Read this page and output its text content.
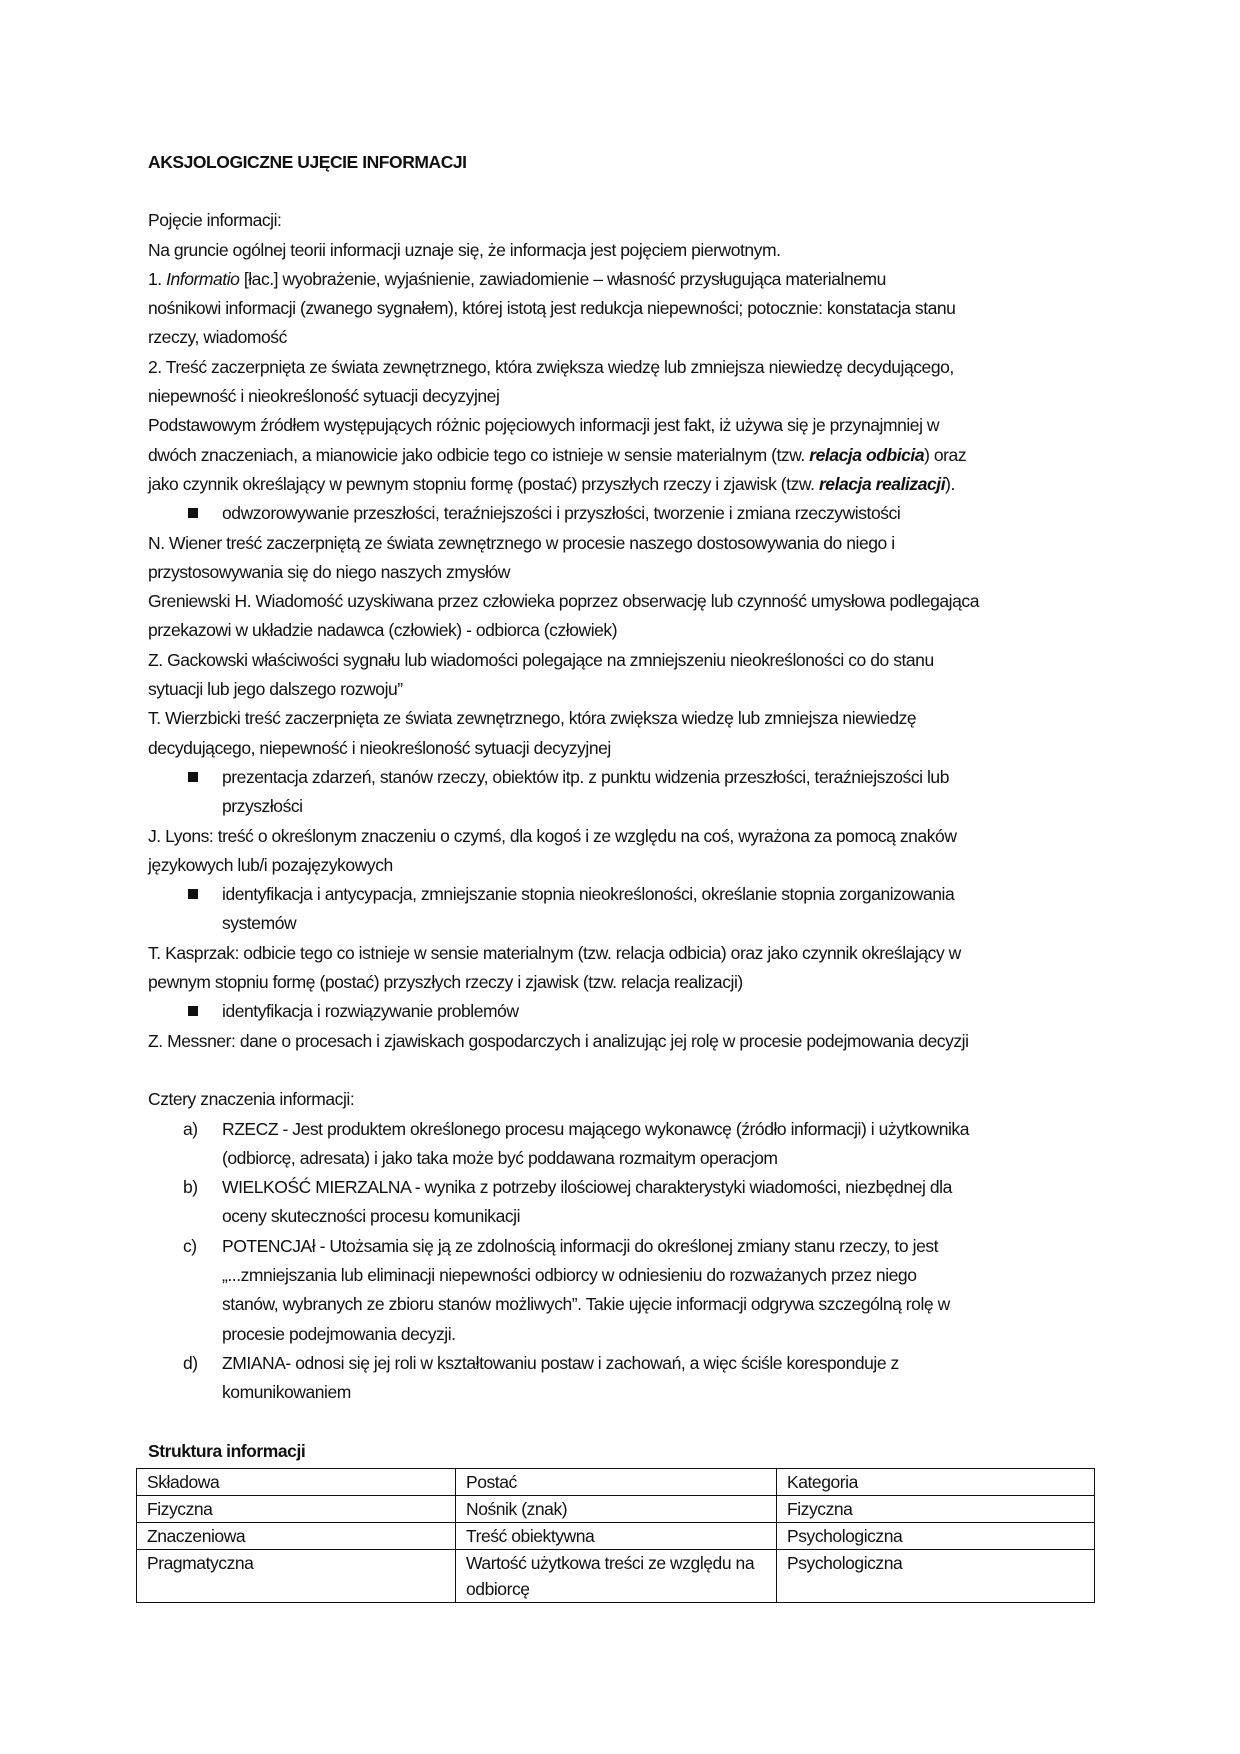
AKSJOLOGICZNE UJĘCIE INFORMACJI
Pojęcie informacji:
Na gruncie ogólnej teorii informacji uznaje się, że informacja jest pojęciem pierwotnym.
1. Informatio [łac.] wyobrażenie, wyjaśnienie, zawiadomienie – własność przysługująca materialnemu
nośnikowi informacji (zwanego sygnałem), której istotą jest redukcja niepewności; potocznie: konstatacja stanu
rzeczy, wiadomość
2. Treść zaczerpnięta ze świata zewnętrznego, która zwiększa wiedzę lub zmniejsza niewiedzę decydującego,
niepewność i nieokreśloność sytuacji decyzyjnej
Podstawowym źródłem występujących różnic pojęciowych informacji jest fakt, iż używa się je przynajmniej w
dwóch znaczeniach, a mianowicie jako odbicie tego co istnieje w sensie materialnym (tzw. relacja odbicia) oraz
jako czynnik określający w pewnym stopniu formę (postać) przyszłych rzeczy i zjawisk (tzw. relacja realizacji).
odwzorowywanie przeszłości, teraźniejszości i przyszłości, tworzenie i zmiana rzeczywistości
N. Wiener treść zaczerpniętą ze świata zewnętrznego w procesie naszego dostosowywania do niego i
przystosowywania się do niego naszych zmysłów
Greniewski H. Wiadomość uzyskiwana przez człowieka poprzez obserwację lub czynność umysłowa podlegająca
przekazowi w układzie nadawca (człowiek) - odbiorca (człowiek)
Z. Gackowski właściwości sygnału lub wiadomości polegające na zmniejszeniu nieokreśloności co do stanu
sytuacji lub jego dalszego rozwoju”
T. Wierzbicki treść zaczerpnięta ze świata zewnętrznego, która zwiększa wiedzę lub zmniejsza niewiedzę
decydującego, niepewność i nieokreśloność sytuacji decyzyjnej
prezentacja zdarzeń, stanów rzeczy, obiektów itp. z punktu widzenia przeszłości, teraźniejszości lub
przyszłości
J. Lyons: treść o określonym znaczeniu o czymś, dla kogoś i ze względu na coś, wyrażona za pomocą znaków
językowych lub/i pozajęzykowych
identyfikacja i antycypacja, zmniejszanie stopnia nieokreśloności, określanie stopnia zorganizowania
systemów
T. Kasprzak: odbicie tego co istnieje w sensie materialnym (tzw. relacja odbicia) oraz jako czynnik określający w
pewnym stopniu formę (postać) przyszłych rzeczy i zjawisk (tzw. relacja realizacji)
identyfikacja i rozwiązywanie problemów
Z. Messner: dane o procesach i zjawiskach gospodarczych i analizując jej rolę w procesie podejmowania decyzji
Cztery znaczenia informacji:
a) RZECZ - Jest produktem określonego procesu mającego wykonawcę (źródło informacji) i użytkownika
(odbiorcę, adresata) i jako taka może być poddawana rozmaitym operacjom
b) WIELKOŚĆ MIERZALNA - wynika z potrzeby ilościowej charakterystyki wiadomości, niezbędnej dla
oceny skuteczności procesu komunikacji
c) POTENCJAł - Utożsamia się ją ze zdolnością informacji do określonej zmiany stanu rzeczy, to jest
„...zmniejszania lub eliminacji niepewności odbiorcy w odniesieniu do rozważanych przez niego
stanów, wybranych ze zbioru stanów możliwych”. Takie ujęcie informacji odgrywa szczególną rolę w
procesie podejmowania decyzji.
d) ZMIANA- odnosi się jej roli w kształtowaniu postaw i zachowań, a więc ściśle koresponduje z
komunikowaniem
Struktura informacji
Składowa	Postać	Kategoria
Fizyczna	Nośnik (znak)	Fizyczna
Znaczeniowa	Treść obiektywna	Psychologiczna
Pragmatyczna	Wartość użytkowa treści ze względu na odbiorcę	Psychologiczna
